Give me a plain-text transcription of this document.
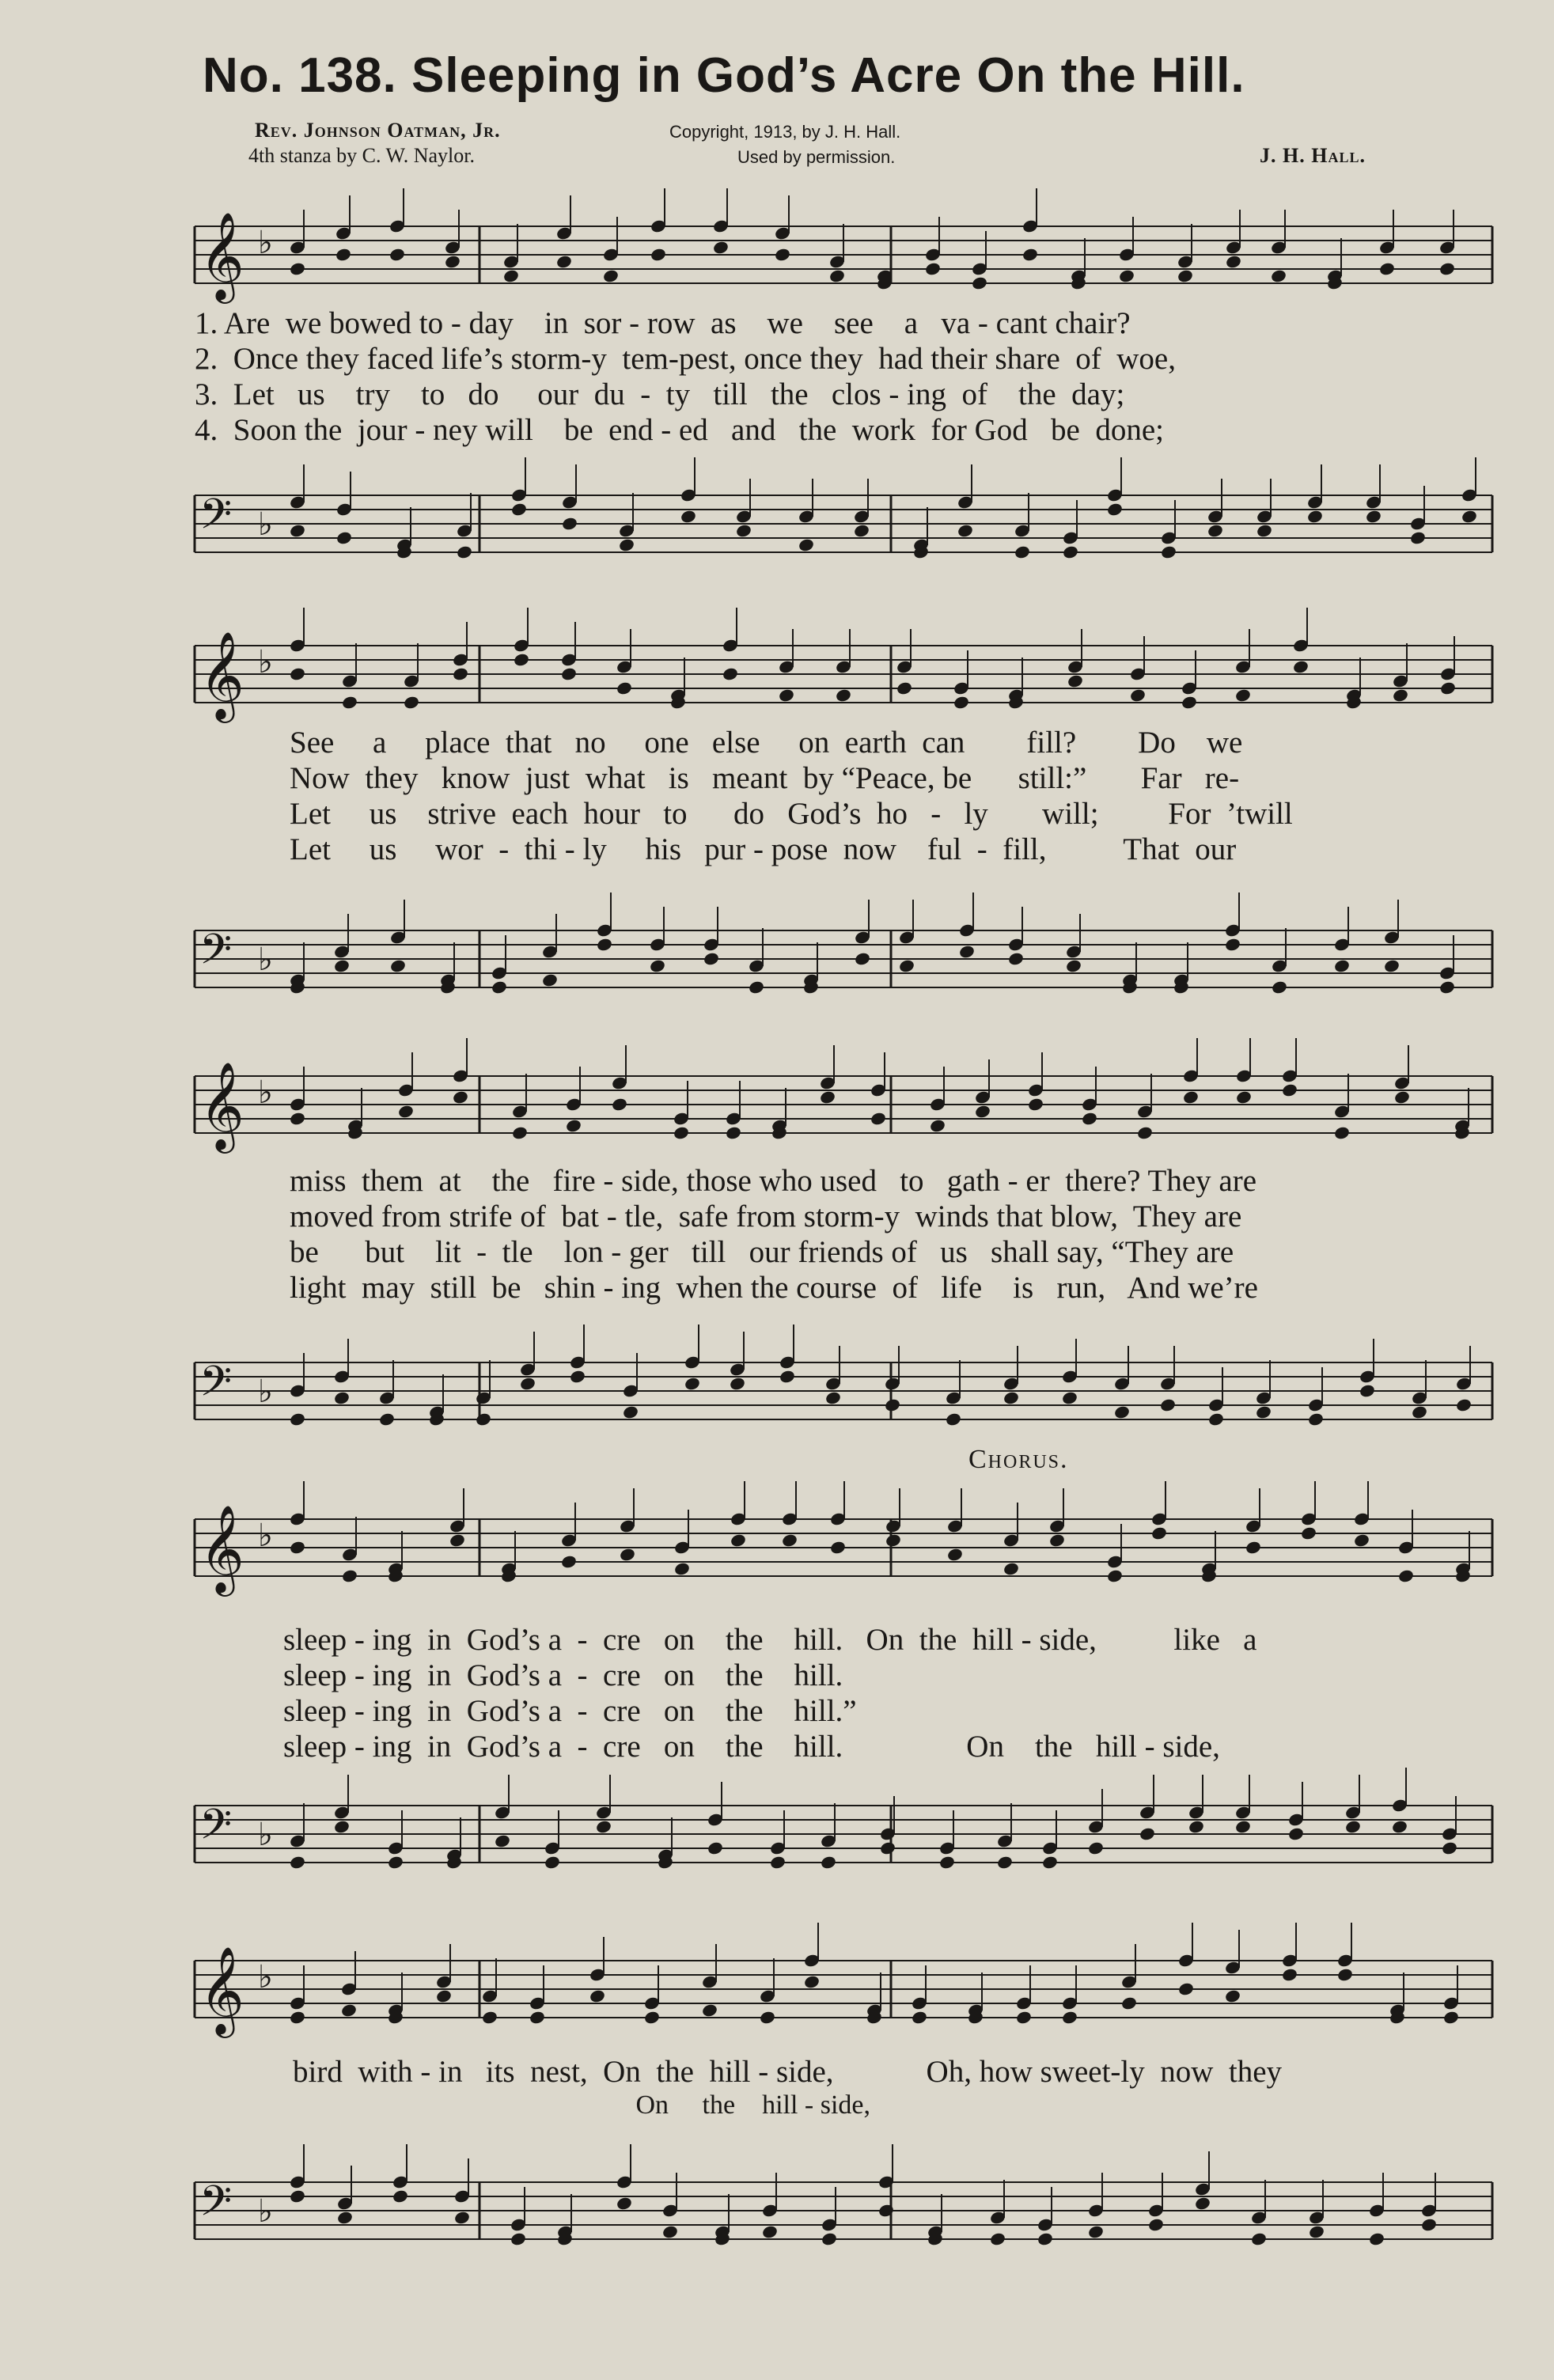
No. 138. Sleeping in God’s Acre On the Hill.
Rev. Johnson Oatman, Jr.	Copyright, 1913, by J. H. Hall.
4th stanza by C. W. Naylor.	Used by permission.	J. H. Hall.
𝄞 ♭
1. Are  we bowed to - day    in  sor - row  as    we    see    a   va - cant chair?
2.  Once they faced life’s storm-y  tem-pest, once they  had their share  of  woe,
3.  Let   us    try    to   do     our  du  -  ty   till   the   clos - ing  of    the  day;
4.  Soon the  jour - ney will    be  end - ed   and   the  work  for God   be  done;
𝄢 ♭
𝄞 ♭
See     a     place  that   no     one   else     on  earth  can        fill?        Do    we
Now  they   know  just  what   is   meant  by “Peace, be      still:”       Far   re-
Let     us    strive  each  hour   to      do   God’s  ho   -   ly       will;         For  ’twill
Let     us     wor  -  thi - ly     his   pur - pose  now    ful  -  fill,          That  our
𝄢 ♭
𝄞 ♭
miss  them  at    the   fire - side, those who used   to   gath - er  there? They are
moved from strife of  bat - tle,  safe from storm-y  winds that blow,  They are
be      but    lit  -  tle    lon - ger   till   our friends of   us   shall say, “They are
light  may  still  be   shin - ing  when the course  of   life    is   run,   And we’re
𝄢 ♭
Chorus.
𝄞 ♭
sleep - ing  in  God’s a  -  cre   on    the    hill.   On  the  hill - side,          like   a
sleep - ing  in  God’s a  -  cre   on    the    hill.
sleep - ing  in  God’s a  -  cre   on    the    hill.”
sleep - ing  in  God’s a  -  cre   on    the    hill.                On    the   hill - side,
𝄢 ♭
𝄞 ♭
bird  with - in   its  nest,  On  the  hill - side,            Oh, how sweet-ly  now  they
On     the    hill - side,
𝄢 ♭
